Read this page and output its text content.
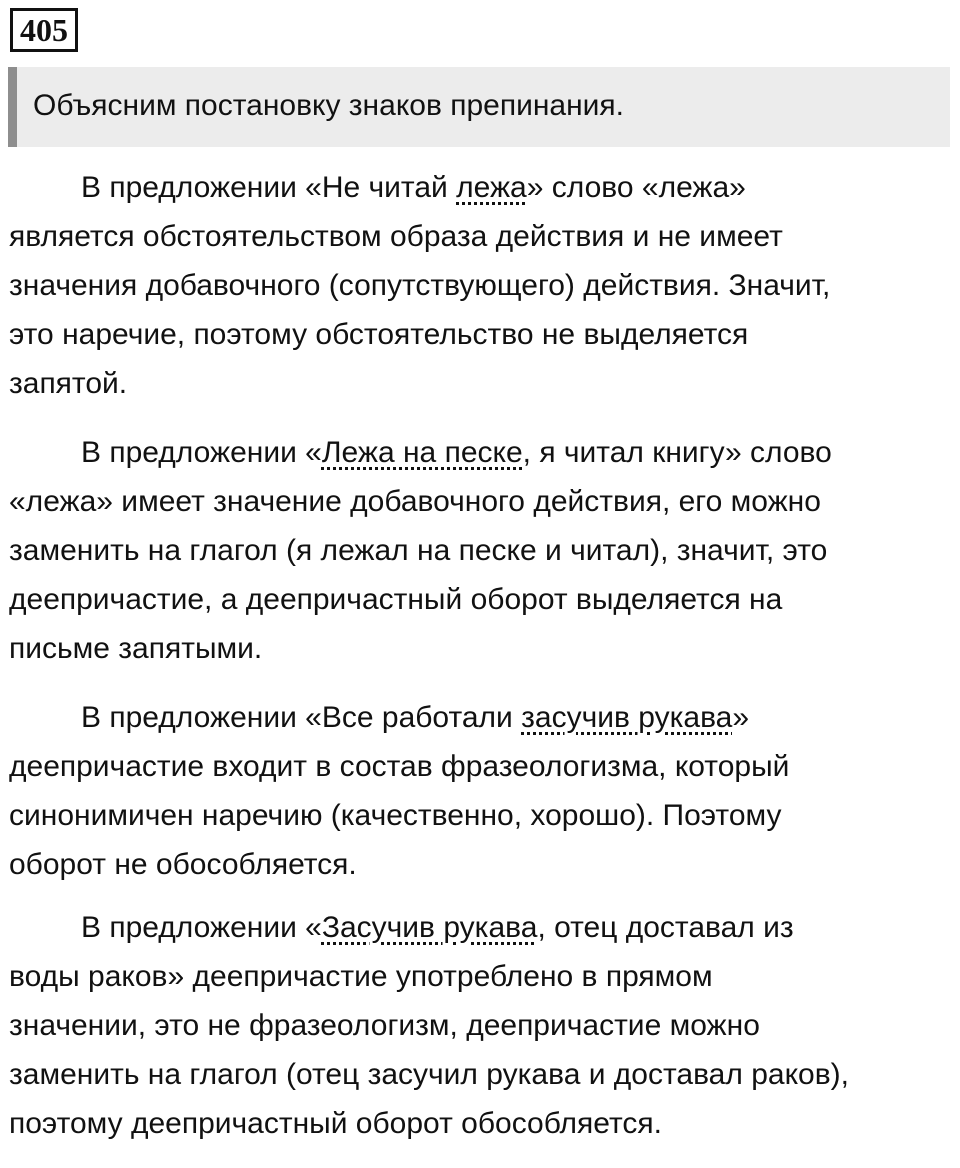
405
Объясним постановку знаков препинания.
В предложении «Не читай лежа» слово «лежа»
является обстоятельством образа действия и не имеет
значения добавочного (сопутствующего) действия. Значит,
это наречие, поэтому обстоятельство не выделяется
запятой.
В предложении «Лежа на песке, я читал книгу» слово
«лежа» имеет значение добавочного действия, его можно
заменить на глагол (я лежал на песке и читал), значит, это
деепричастие, а деепричастный оборот выделяется на
письме запятыми.
В предложении «Все работали засучив рукава»
деепричастие входит в состав фразеологизма, который
синонимичен наречию (качественно, хорошо). Поэтому
оборот не обособляется.
В предложении «Засучив рукава, отец доставал из
воды раков» деепричастие употреблено в прямом
значении, это не фразеологизм, деепричастие можно
заменить на глагол (отец засучил рукава и доставал раков),
поэтому деепричастный оборот обособляется.
